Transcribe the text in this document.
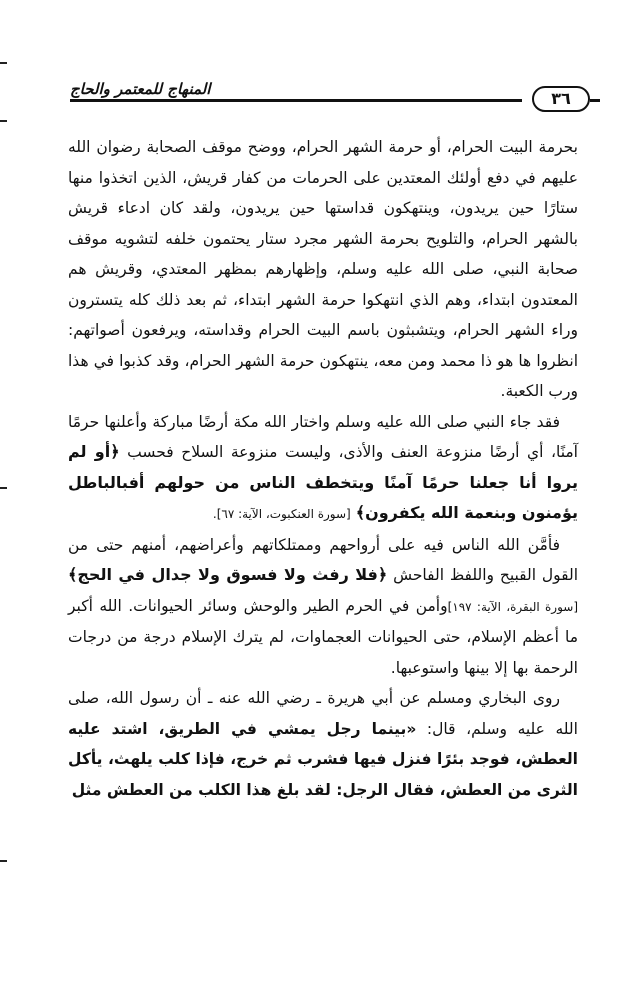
المنهاج للمعتمر والحاج	٣٦

بحرمة البيت الحرام، أو حرمة الشهر الحرام، ووضح موقف الصحابة رضوان الله عليهم في دفع أولئك المعتدين على الحرمات من كفار قريش، الذين اتخذوا منها ستارًا حين يريدون، وينتهكون قداستها حين يريدون، ولقد كان ادعاء قريش بالشهر الحرام، والتلويح بحرمة الشهر مجرد ستار يحتمون خلفه لتشويه موقف صحابة النبي، صلى الله عليه وسلم، وإظهارهم بمظهر المعتدي، وقريش هم المعتدون ابتداء، وهم الذي انتهكوا حرمة الشهر ابتداء، ثم بعد ذلك كله يتسترون وراء الشهر الحرام، ويتشبثون باسم البيت الحرام وقداسته، ويرفعون أصواتهم: انظروا ها هو ذا محمد ومن معه، ينتهكون حرمة الشهر الحرام، وقد كذبوا في هذا ورب الكعبة.

فقد جاء النبي صلى الله عليه وسلم واختار الله مكة أرضًا مباركة وأعلنها حرمًا آمنًا، أي أرضًا منزوعة العنف والأذى، وليست منزوعة السلاح فحسب ﴿أو لم يروا أنا جعلنا حرمًا آمنًا ويتخطف الناس من حولهم أفبالباطل يؤمنون وبنعمة الله يكفرون﴾ [سورة العنكبوت، الآية: ٦٧].

فأمَّن الله الناس فيه على أرواحهم وممتلكاتهم وأعراضهم، أمنهم حتى من القول القبيح واللفظ الفاحش ﴿فلا رفث ولا فسوق ولا جدال في الحج﴾ [سورة البقرة، الآية: ١٩٧]وأمن في الحرم الطير والوحش وسائر الحيوانات. الله أكبر ما أعظم الإسلام، حتى الحيوانات العجماوات، لم يترك الإسلام درجة من درجات الرحمة بها إلا بينها واستوعبها.

روى البخاري ومسلم عن أبي هريرة ـ رضي الله عنه ـ أن رسول الله، صلى الله عليه وسلم، قال: «بينما رجل يمشي في الطريق، اشتد عليه العطش، فوجد بئرًا فنزل فيها فشرب ثم خرج، فإذا كلب يلهث، يأكل الثرى من العطش، فقال الرجل: لقد بلغ هذا الكلب من العطش مثل
